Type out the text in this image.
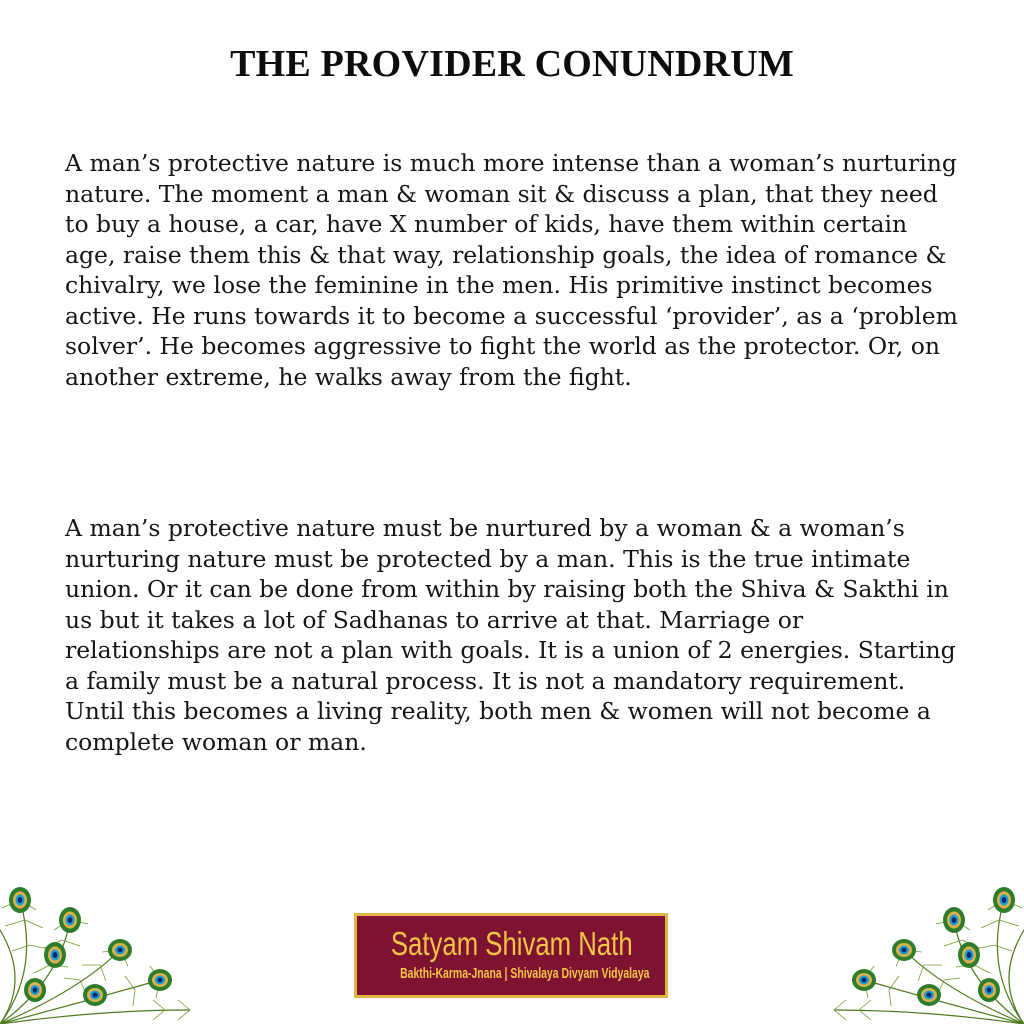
THE PROVIDER CONUNDRUM

A man’s protective nature is much more intense than a woman’s nurturing nature. The moment a man & woman sit & discuss a plan, that they need to buy a house, a car, have X number of kids, have them within certain age, raise them this & that way, relationship goals, the idea of romance & chivalry, we lose the feminine in the men. His primitive instinct becomes active. He runs towards it to become a successful ‘provider’, as a ‘problem solver’. He becomes aggressive to fight the world as the protector. Or, on another extreme, he walks away from the fight.

A man’s protective nature must be nurtured by a woman & a woman’s nurturing nature must be protected by a man. This is the true intimate union. Or it can be done from within by raising both the Shiva & Sakthi in us but it takes a lot of Sadhanas to arrive at that. Marriage or relationships are not a plan with goals. It is a union of 2 energies. Starting a family must be a natural process. It is not a mandatory requirement. Until this becomes a living reality, both men & women will not become a complete woman or man.

Satyam Shivam Nath
Bakthi-Karma-Jnana | Shivalaya Divyam Vidyalaya
